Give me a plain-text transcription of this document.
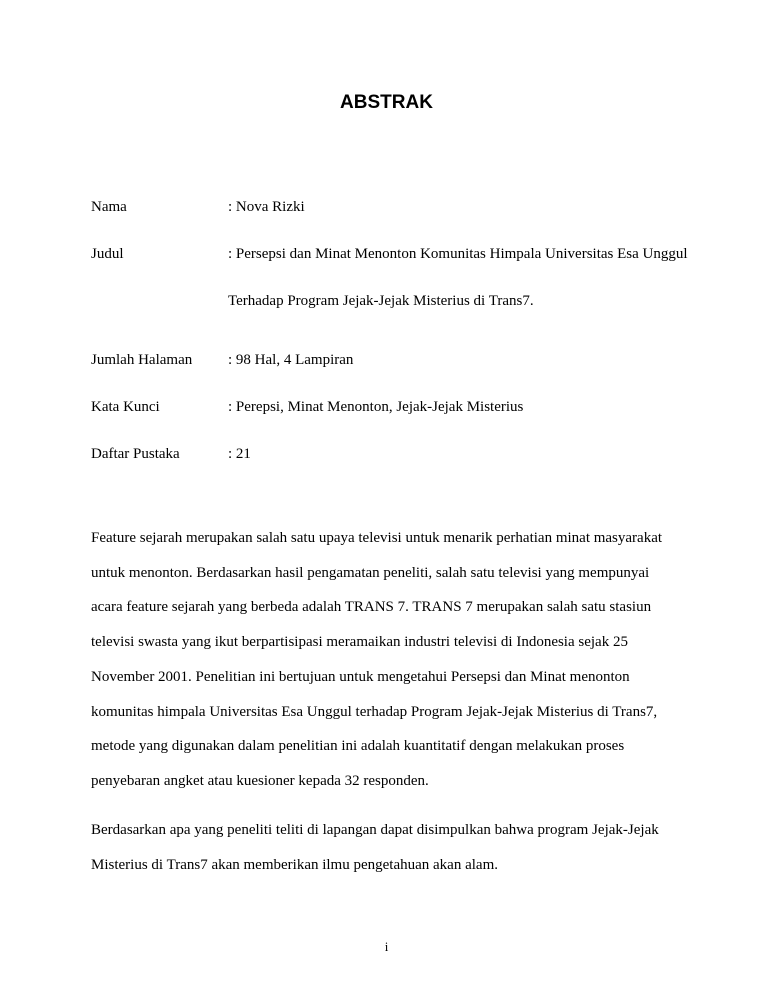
ABSTRAK
Nama	: Nova Rizki
Judul	: Persepsi dan Minat Menonton Komunitas Himpala Universitas Esa Unggul Terhadap Program Jejak-Jejak Misterius di Trans7.
Jumlah Halaman	: 98 Hal, 4 Lampiran
Kata Kunci	: Perepsi, Minat Menonton, Jejak-Jejak Misterius
Daftar Pustaka	: 21

Feature sejarah merupakan salah satu upaya televisi untuk menarik perhatian minat masyarakat untuk menonton. Berdasarkan hasil pengamatan peneliti, salah satu televisi yang mempunyai acara feature sejarah yang berbeda adalah TRANS 7. TRANS 7 merupakan salah satu stasiun televisi swasta yang ikut berpartisipasi meramaikan industri televisi di Indonesia sejak 25 November 2001. Penelitian ini bertujuan untuk mengetahui Persepsi dan Minat menonton komunitas himpala Universitas Esa Unggul terhadap Program Jejak-Jejak Misterius di Trans7, metode yang digunakan dalam penelitian ini adalah kuantitatif dengan melakukan proses penyebaran angket atau kuesioner kepada 32 responden.

Berdasarkan apa yang peneliti teliti di lapangan dapat disimpulkan bahwa program Jejak-Jejak Misterius di Trans7 akan memberikan ilmu pengetahuan akan alam.

i
